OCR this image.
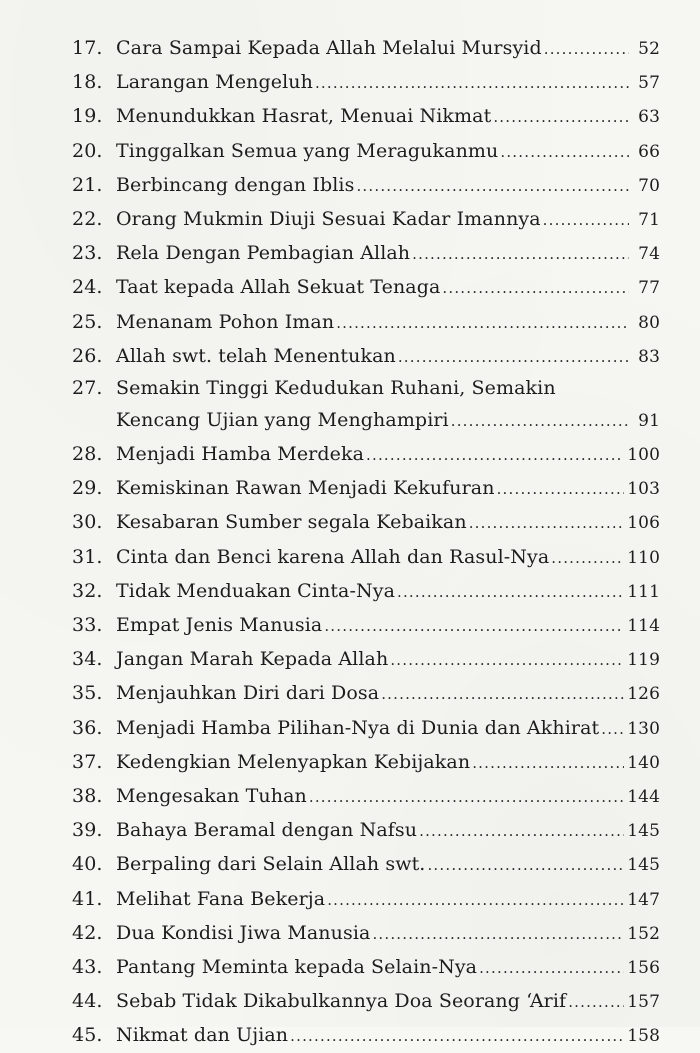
17. Cara Sampai Kepada Allah Melalui Mursyid .....	52
18. Larangan Mengeluh .....	57
19. Menundukkan Hasrat, Menuai Nikmat .....	63
20. Tinggalkan Semua yang Meragukanmu .....	66
21. Berbincang dengan Iblis .....	70
22. Orang Mukmin Diuji Sesuai Kadar Imannya .....	71
23. Rela Dengan Pembagian Allah .....	74
24. Taat kepada Allah Sekuat Tenaga .....	77
25. Menanam Pohon Iman .....	80
26. Allah swt. telah Menentukan .....	83
27. Semakin Tinggi Kedudukan Ruhani, Semakin
Kencang Ujian yang Menghampiri .....	91
28. Menjadi Hamba Merdeka .....	100
29. Kemiskinan Rawan Menjadi Kekufuran .....	103
30. Kesabaran Sumber segala Kebaikan .....	106
31. Cinta dan Benci karena Allah dan Rasul-Nya .....	110
32. Tidak Menduakan Cinta-Nya .....	111
33. Empat Jenis Manusia .....	114
34. Jangan Marah Kepada Allah .....	119
35. Menjauhkan Diri dari Dosa .....	126
36. Menjadi Hamba Pilihan-Nya di Dunia dan Akhirat ..... 130
37. Kedengkian Melenyapkan Kebijakan .....	140
38. Mengesakan Tuhan .....	144
39. Bahaya Beramal dengan Nafsu .....	145
40. Berpaling dari Selain Allah swt. .....	145
41. Melihat Fana Bekerja .....	147
42. Dua Kondisi Jiwa Manusia .....	152
43. Pantang Meminta kepada Selain-Nya .....	156
44. Sebab Tidak Dikabulkannya Doa Seorang ‘Arif .....	157
45. Nikmat dan Ujian .....	158
